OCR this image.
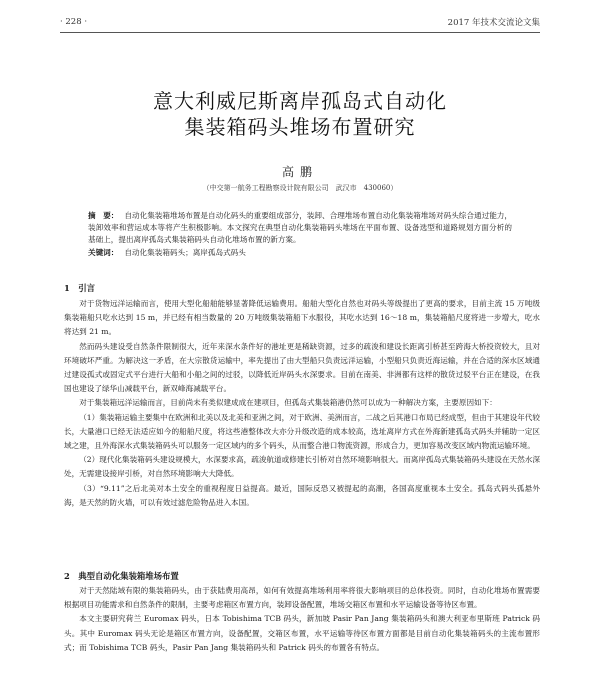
· 228 ·	2017 年技术交流论文集
意大利威尼斯离岸孤岛式自动化
集装箱码头堆场布置研究
高鹏
（中交第一航务工程勘察设计院有限公司　武汉市　430060）
摘　要： 自动化集装箱堆场布置是自动化码头的重要组成部分，装卸、合理堆场布置自动化集装箱堆场对码头综合通过能力，装卸效率和营运成本等将产生积极影响。本文探究在典型自动化集装箱码头堆场在平面布置、设备选型和道路规划方面分析的基础上，提出离岸孤岛式集装箱码头自动化堆场布置的新方案。
关键词： 自动化集装箱码头；离岸孤岛式码头
1　引言

对于货物远洋运输而言，使用大型化船舶能够显著降低运输费用。船舶大型化自然也对码头等级提出了更高的要求，目前主流 15 万吨级集装箱船只吃水达到 15 m，并已经有相当数量的 20 万吨级集装箱船下水服役，其吃水达到 16～18 m，集装箱船尺度将进一步增大，吃水将达到 21 m。

然而码头建设受自然条件限制很大，近年来深水条件好的港址更是稀缺资源，过多的疏浚和建设长距离引桥甚至跨海大桥投资较大，且对环境破坏严重。为解决这一矛盾，在大宗散货运输中，率先提出了由大型船只负责远洋运输，小型船只负责近海运输，并在合适的深水区域通过建设孤式或固定式平台进行大船和小船之间的过驳，以降低近岸码头水深要求。目前在南美、非洲都有这样的散货过驳平台正在建设，在我国也建设了绿华山减载平台，新双峰海减载平台。

对于集装箱远洋运输而言，目前尚未有类似建成成在建项目，但孤岛式集装箱港仍然可以成为一种解决方案，主要原因如下：

（1）集装箱运输主要集中在欧洲和北美以及北美和亚洲之间，对于欧洲、美洲而言，二战之后其港口布局已经成型，但由于其建设年代较长，大量港口已经无法适应如今的船舶尺度，将这些港整体改大亦分升级改造的成本较高，选址离岸方式在外海新建孤岛式码头并辅助一定区域之建，且外海深水式集装箱码头可以服务一定区域内的多个码头，从而整合港口物流资源，形成合力，更加容易改变区域内物流运输环境。

（2）现代化集装箱码头建设规模大，水深要求高，疏浚航道或修建长引桥对自然环境影响很大。而离岸孤岛式集装箱码头建设在天然水深处，无需建设接岸引桥，对自然环境影响大大降低。

（3）“9.11”之后北美对本土安全的重视程度日益提高。最近，国际反恐又被提起的高潮，各国高度重视本土安全。孤岛式码头孤悬外海，是天然的防火墙，可以有效过滤危险物品进入本国。

2　典型自动化集装箱堆场布置

对于天然陆域有限的集装箱码头，由于获陆费用高昂，如何有效提高堆场利用率将很大影响项目的总体投资。同时，自动化堆场布置需要根据项目功能需求和自然条件的限制，主要考虑箱区布置方向，装卸设备配置，堆场交箱区布置和水平运输设备等待区布置。

本文主要研究荷兰 Euromax 码头，日本 Tobishima TCB 码头，新加坡 Pasir Pan Jang 集装箱码头和澳大利亚布里斯班 Patrick 码头。其中 Euromax 码头无论是箱区布置方向，设备配置，交箱区布置，水平运输等待区布置方面都是目前自动化集装箱码头的主流布置形式；而 Tobishima TCB 码头，Pasir Pan Jang 集装箱码头和 Patrick 码头的布置各有特点。
